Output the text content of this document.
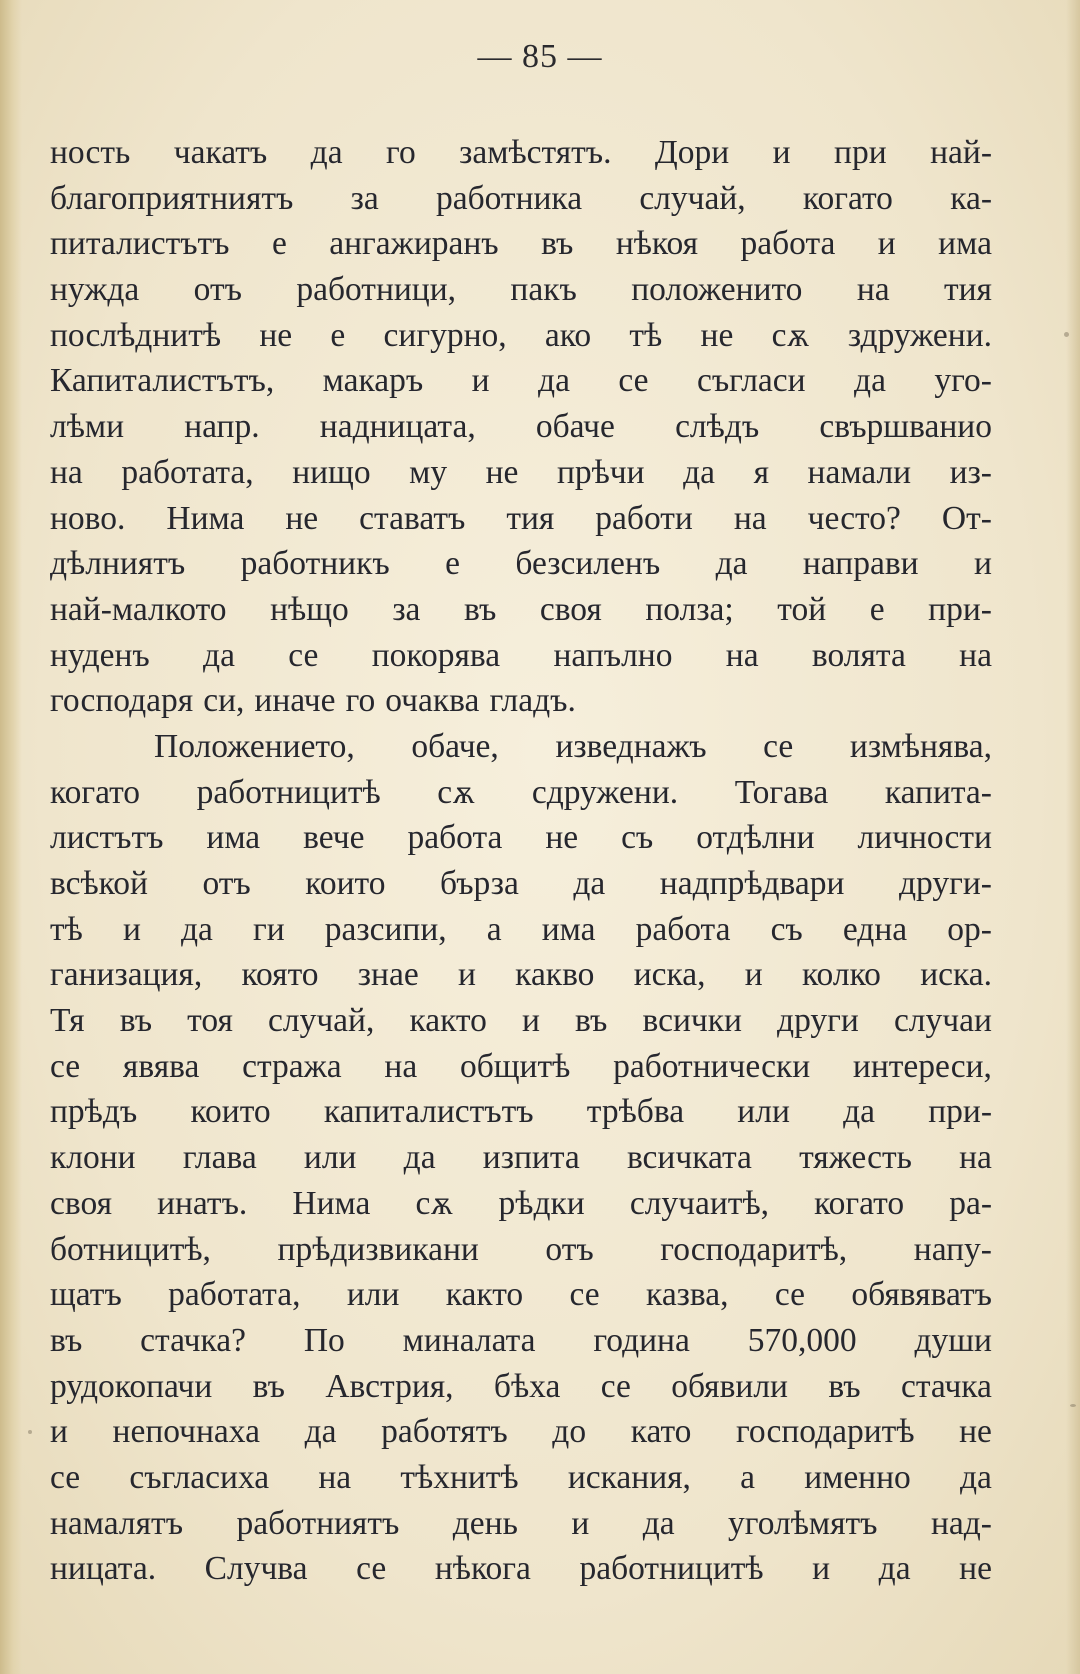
— 85 —
ность чакатъ да го замѣстятъ. Дори и при най-
благоприятниятъ за работника случай, когато ка-
питалистътъ е ангажиранъ въ нѣкоя работа и има
нужда отъ работници, пакъ положенито на тия
послѣднитѣ не е сигурно, ако тѣ не сѫ здружени.
Капиталистътъ, макаръ и да се съгласи да уго-
лѣми напр. надницата, обаче слѣдъ свършванио
на работата, нищо му не прѣчи да я намали из-
ново. Нима не ставатъ тия работи на често? От-
дѣлниятъ работникъ е безсиленъ да направи и
най-малкото нѣщо за въ своя полза; той е при-
нуденъ да се покорява напълно на волята на
господаря си, иначе го очаква гладъ.
Положението, обаче, изведнажъ се измѣнява,
когато работницитѣ сѫ сдружени. Тогава капита-
листътъ има вече работа не съ отдѣлни личности
всѣкой отъ които бърза да надпрѣдвари други-
тѣ и да ги разсипи, а има работа съ една ор-
ганизация, която знае и какво иска, и колко иска.
Тя въ тоя случай, както и въ всички други случаи
се явява стража на общитѣ работнически интереси,
прѣдъ които капиталистътъ трѣбва или да при-
клони глава или да изпита всичката тяжесть на
своя инатъ. Нима сѫ рѣдки случаитѣ, когато ра-
ботницитѣ, прѣдизвикани отъ господаритѣ, напу-
щатъ работата, или както се казва, се обявяватъ
въ стачка? По миналата година 570,000 души
рудокопачи въ Австрия, бѣха се обявили въ стачка
и непочнаха да работятъ до като господаритѣ не
се съгласиха на тѣхнитѣ искания, а именно да
намалятъ работниятъ день и да уголѣмятъ над-
ницата. Случва се нѣкога работницитѣ и да не
